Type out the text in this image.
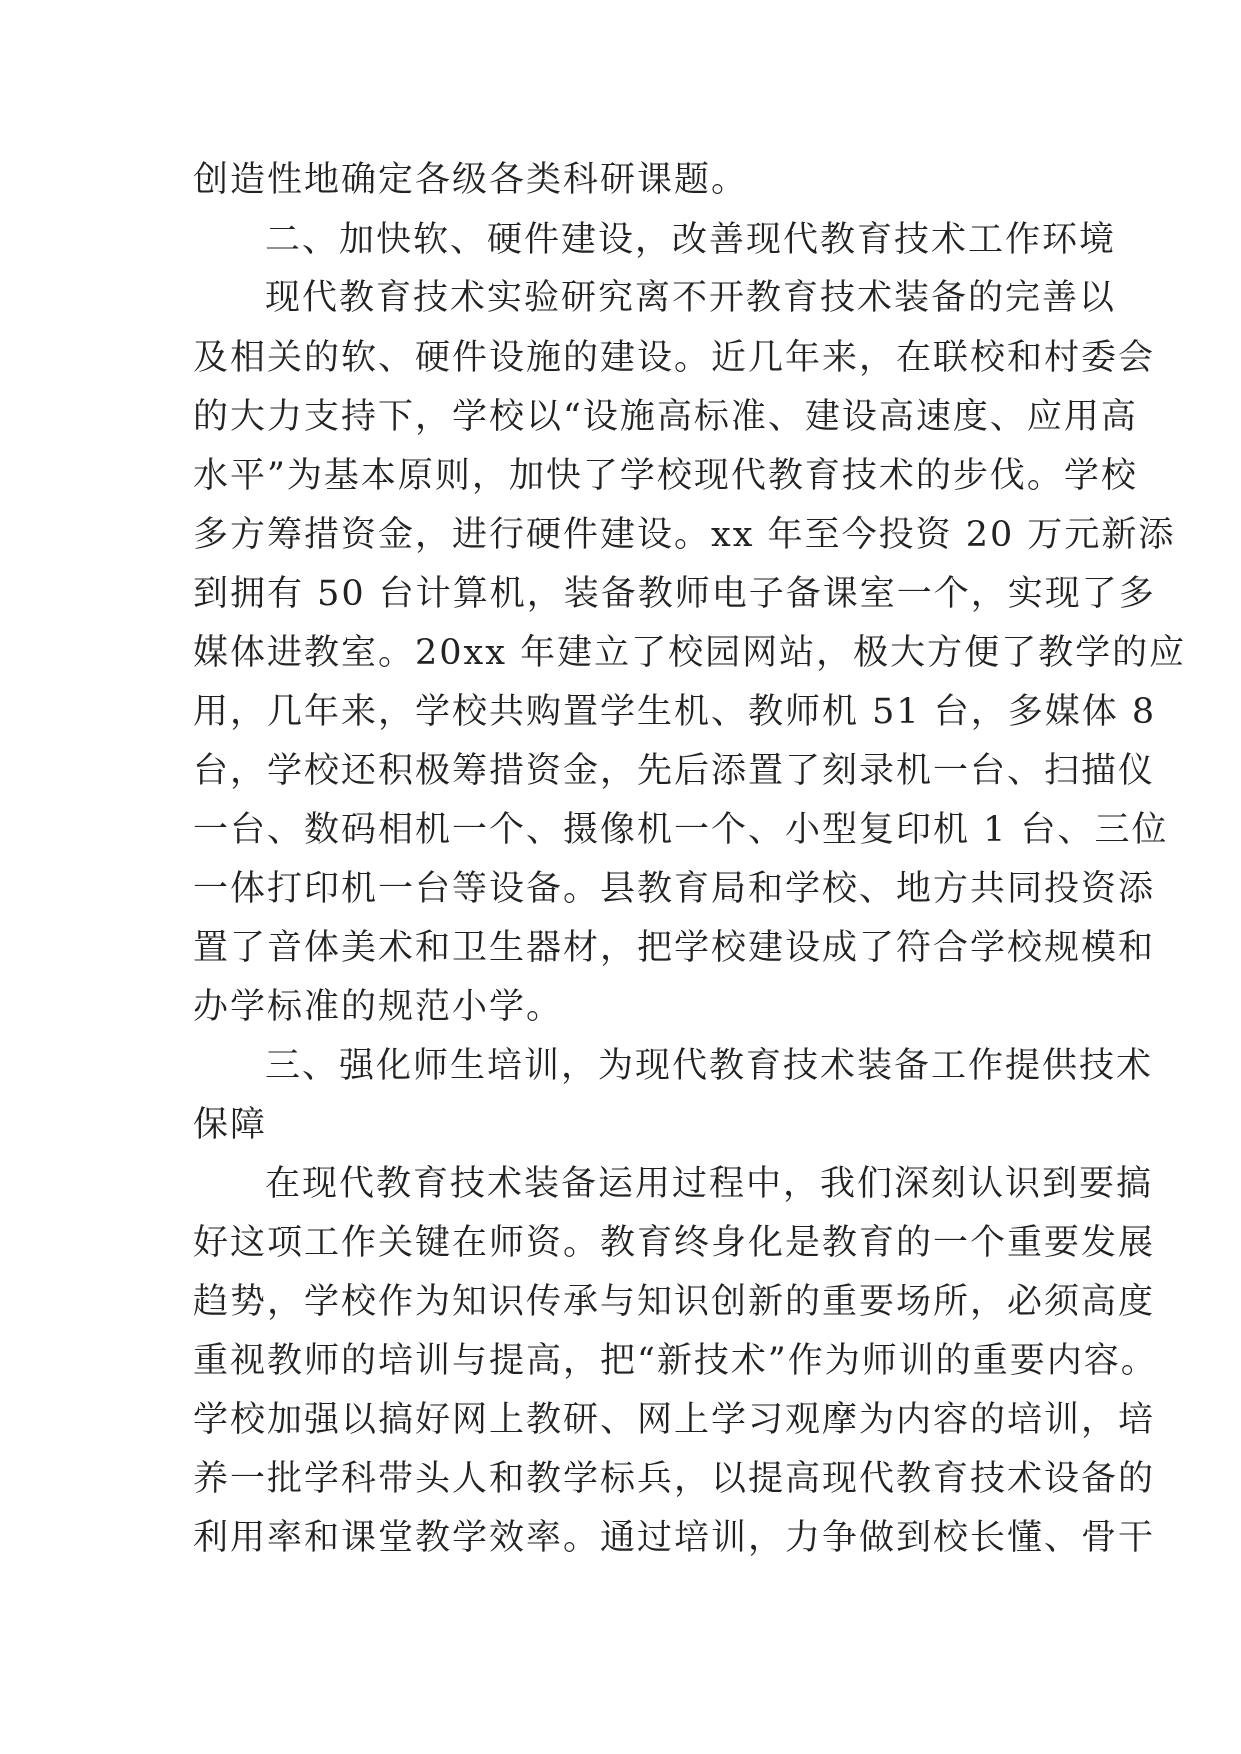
创造性地确定各级各类科研课题。
二、加快软、硬件建设，改善现代教育技术工作环境
现代教育技术实验研究离不开教育技术装备的完善以
及相关的软、硬件设施的建设。近几年来，在联校和村委会
的大力支持下，学校以“设施高标准、建设高速度、应用高
水平”为基本原则，加快了学校现代教育技术的步伐。学校
多方筹措资金，进行硬件建设。xx 年至今投资 20 万元新添
到拥有 50 台计算机，装备教师电子备课室一个，实现了多
媒体进教室。20xx 年建立了校园网站，极大方便了教学的应
用，几年来，学校共购置学生机、教师机 51 台，多媒体 8
台，学校还积极筹措资金，先后添置了刻录机一台、扫描仪
一台、数码相机一个、摄像机一个、小型复印机 1 台、三位
一体打印机一台等设备。县教育局和学校、地方共同投资添
置了音体美术和卫生器材，把学校建设成了符合学校规模和
办学标准的规范小学。
三、强化师生培训，为现代教育技术装备工作提供技术
保障
在现代教育技术装备运用过程中，我们深刻认识到要搞
好这项工作关键在师资。教育终身化是教育的一个重要发展
趋势，学校作为知识传承与知识创新的重要场所，必须高度
重视教师的培训与提高，把“新技术”作为师训的重要内容。
学校加强以搞好网上教研、网上学习观摩为内容的培训，培
养一批学科带头人和教学标兵，以提高现代教育技术设备的
利用率和课堂教学效率。通过培训，力争做到校长懂、骨干
